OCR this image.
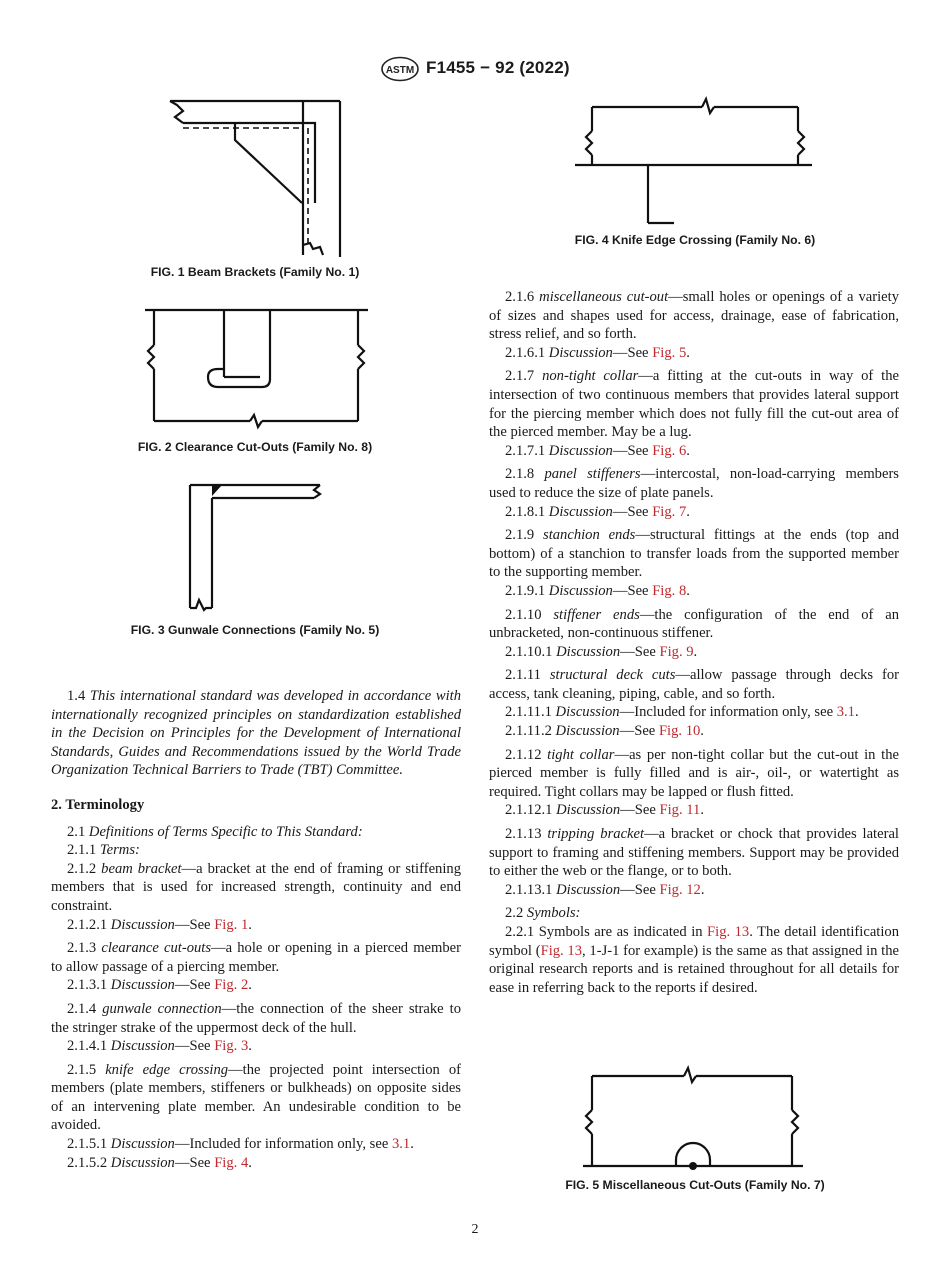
ASTM F1455 − 92 (2022)
FIG. 1 Beam Brackets (Family No. 1)
FIG. 2 Clearance Cut-Outs (Family No. 8)
FIG. 3 Gunwale Connections (Family No. 5)
FIG. 4 Knife Edge Crossing (Family No. 6)
FIG. 5 Miscellaneous Cut-Outs (Family No. 7)

1.4 This international standard was developed in accordance with internationally recognized principles on standardization established in the Decision on Principles for the Development of International Standards, Guides and Recommendations issued by the World Trade Organization Technical Barriers to Trade (TBT) Committee.

2. Terminology

2.1 Definitions of Terms Specific to This Standard:

2.1.1 Terms:

2.1.2 beam bracket—a bracket at the end of framing or stiffening members that is used for increased strength, continuity and end constraint.

2.1.2.1 Discussion—See Fig. 1.

2.1.3 clearance cut-outs—a hole or opening in a pierced member to allow passage of a piercing member.

2.1.3.1 Discussion—See Fig. 2.

2.1.4 gunwale connection—the connection of the sheer strake to the stringer strake of the uppermost deck of the hull.

2.1.4.1 Discussion—See Fig. 3.

2.1.5 knife edge crossing—the projected point intersection of members (plate members, stiffeners or bulkheads) on opposite sides of an intervening plate member. An undesirable condition to be avoided.

2.1.5.1 Discussion—Included for information only, see 3.1.

2.1.5.2 Discussion—See Fig. 4.

2.1.6 miscellaneous cut-out—small holes or openings of a variety of sizes and shapes used for access, drainage, ease of fabrication, stress relief, and so forth.

2.1.6.1 Discussion—See Fig. 5.

2.1.7 non-tight collar—a fitting at the cut-outs in way of the intersection of two continuous members that provides lateral support for the piercing member which does not fully fill the cut-out area of the pierced member. May be a lug.

2.1.7.1 Discussion—See Fig. 6.

2.1.8 panel stiffeners—intercostal, non-load-carrying members used to reduce the size of plate panels.

2.1.8.1 Discussion—See Fig. 7.

2.1.9 stanchion ends—structural fittings at the ends (top and bottom) of a stanchion to transfer loads from the supported member to the supporting member.

2.1.9.1 Discussion—See Fig. 8.

2.1.10 stiffener ends—the configuration of the end of an unbracketed, non-continuous stiffener.

2.1.10.1 Discussion—See Fig. 9.

2.1.11 structural deck cuts—allow passage through decks for access, tank cleaning, piping, cable, and so forth.

2.1.11.1 Discussion—Included for information only, see 3.1.

2.1.11.2 Discussion—See Fig. 10.

2.1.12 tight collar—as per non-tight collar but the cut-out in the pierced member is fully filled and is air-, oil-, or watertight as required. Tight collars may be lapped or flush fitted.

2.1.12.1 Discussion—See Fig. 11.

2.1.13 tripping bracket—a bracket or chock that provides lateral support to framing and stiffening members. Support may be provided to either the web or the flange, or to both.

2.1.13.1 Discussion—See Fig. 12.

2.2 Symbols:

2.2.1 Symbols are as indicated in Fig. 13. The detail identification symbol (Fig. 13, 1-J-1 for example) is the same as that assigned in the original research reports and is retained throughout for all details for ease in referring back to the reports if desired.

2
